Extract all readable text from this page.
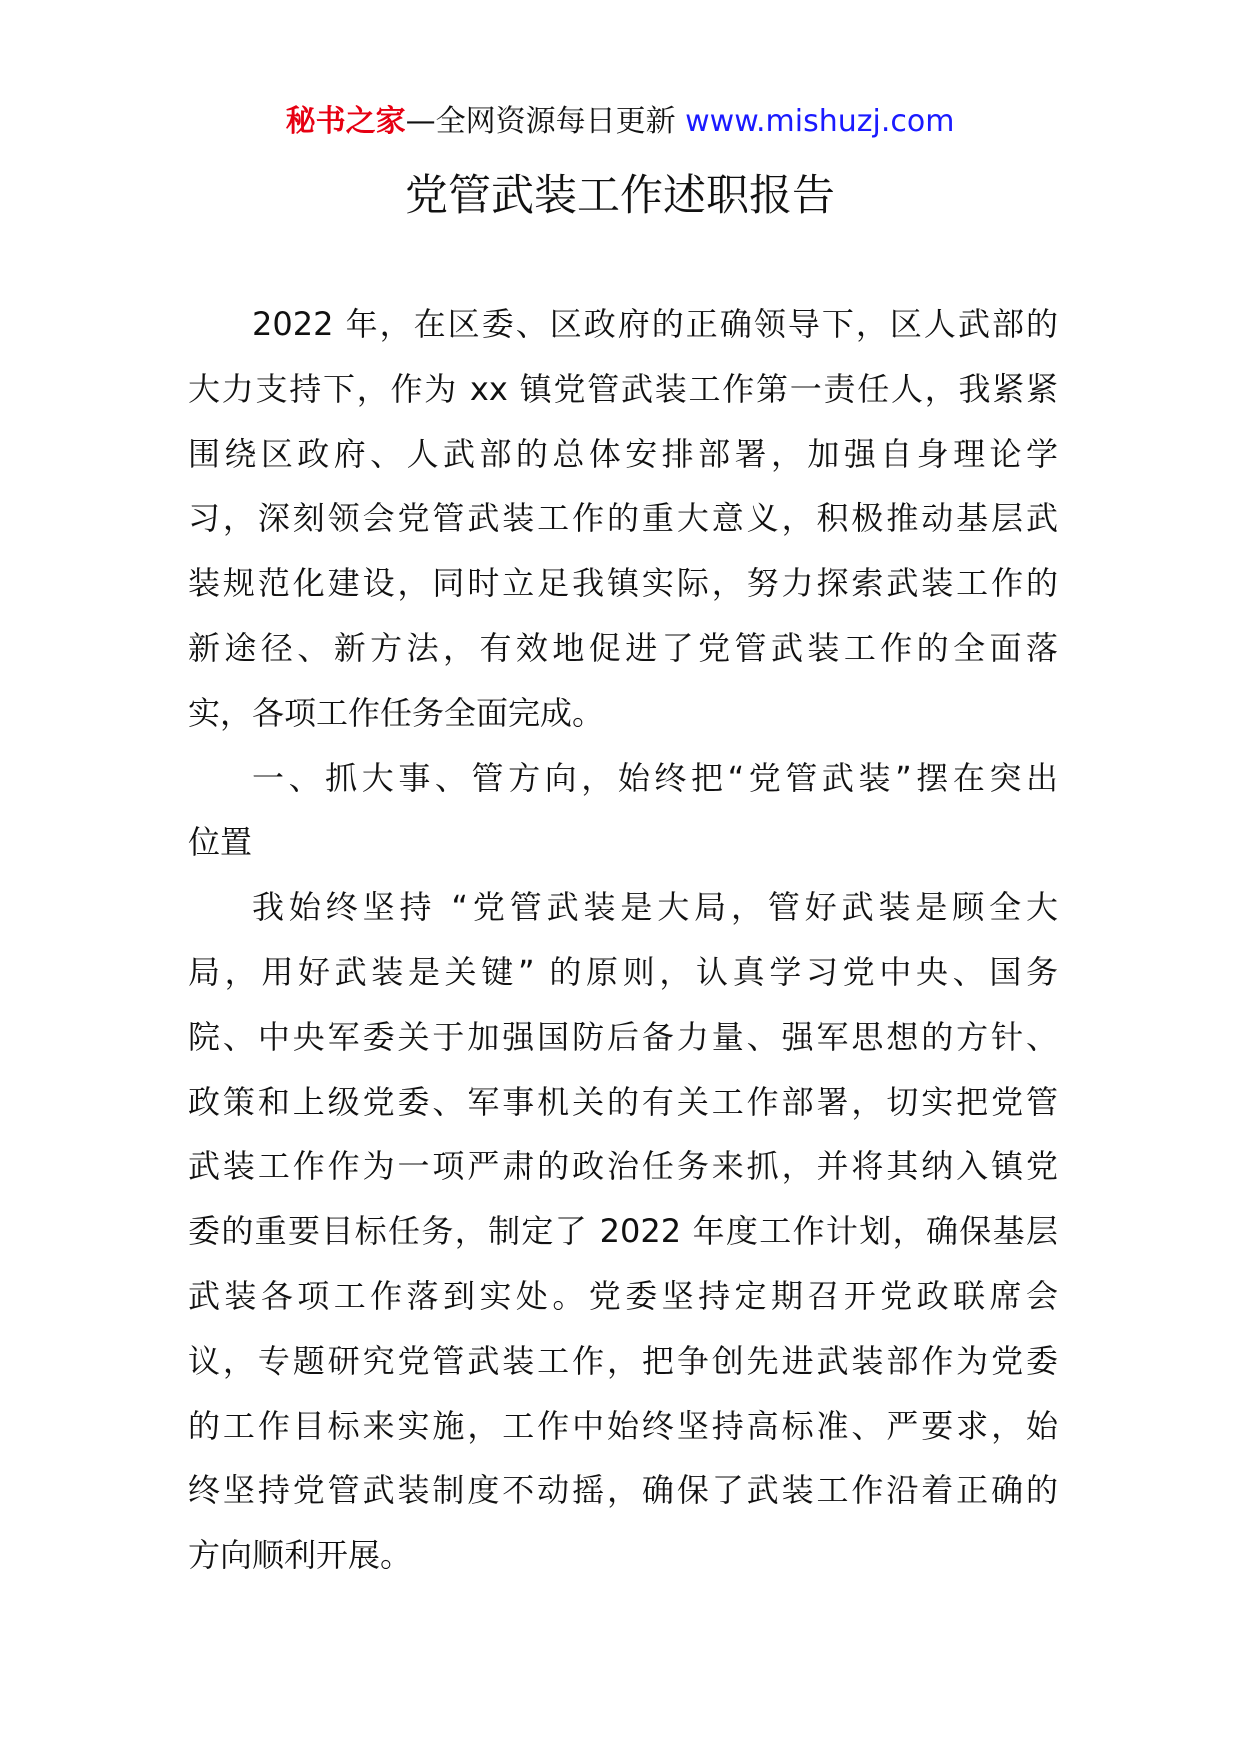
秘书之家—全网资源每日更新 www.mishuzj.com
党管武装工作述职报告
2022 年，在区委、区政府的正确领导下，区人武部的
大力支持下，作为 xx 镇党管武装工作第一责任人，我紧紧
围绕区政府、人武部的总体安排部署，加强自身理论学
习，深刻领会党管武装工作的重大意义，积极推动基层武
装规范化建设，同时立足我镇实际，努力探索武装工作的
新途径、新方法，有效地促进了党管武装工作的全面落
实，各项工作任务全面完成。
一、抓大事、管方向，始终把“党管武装”摆在突出
位置
我始终坚持 “党管武装是大局，管好武装是顾全大
局，用好武装是关键” 的原则，认真学习党中央、国务
院、中央军委关于加强国防后备力量、强军思想的方针、
政策和上级党委、军事机关的有关工作部署，切实把党管
武装工作作为一项严肃的政治任务来抓，并将其纳入镇党
委的重要目标任务，制定了 2022 年度工作计划，确保基层
武装各项工作落到实处。党委坚持定期召开党政联席会
议，专题研究党管武装工作，把争创先进武装部作为党委
的工作目标来实施，工作中始终坚持高标准、严要求，始
终坚持党管武装制度不动摇，确保了武装工作沿着正确的
方向顺利开展。
